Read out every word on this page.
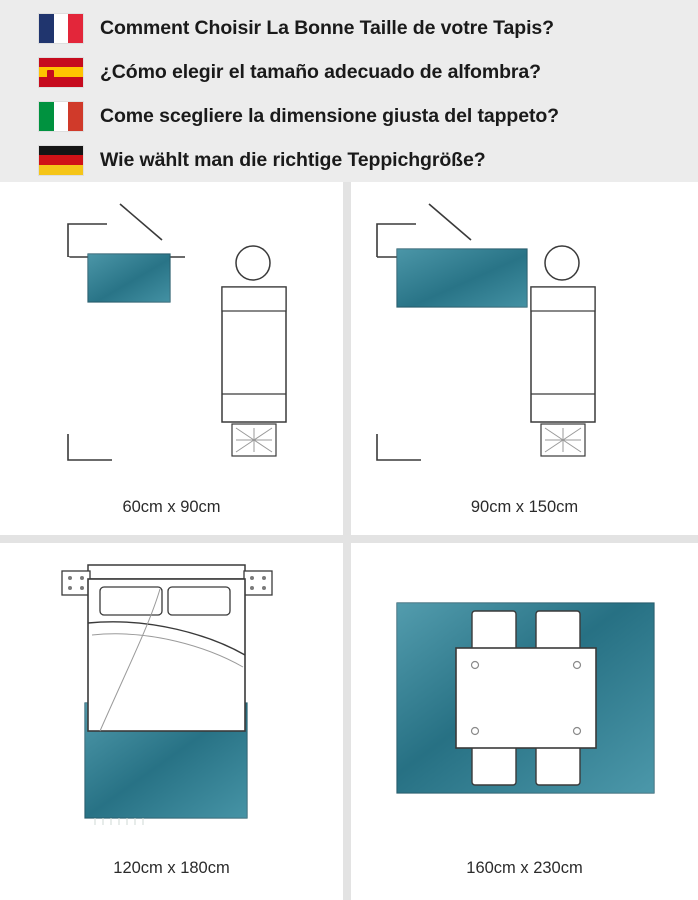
Comment Choisir La Bonne Taille de votre Tapis?
¿Cómo elegir el tamaño adecuado de alfombra?
Come scegliere la dimensione giusta del tappeto?
Wie wählt man die richtige Teppichgröße?
60cm x 90cm	90cm x 150cm
120cm x 180cm	160cm x 230cm
